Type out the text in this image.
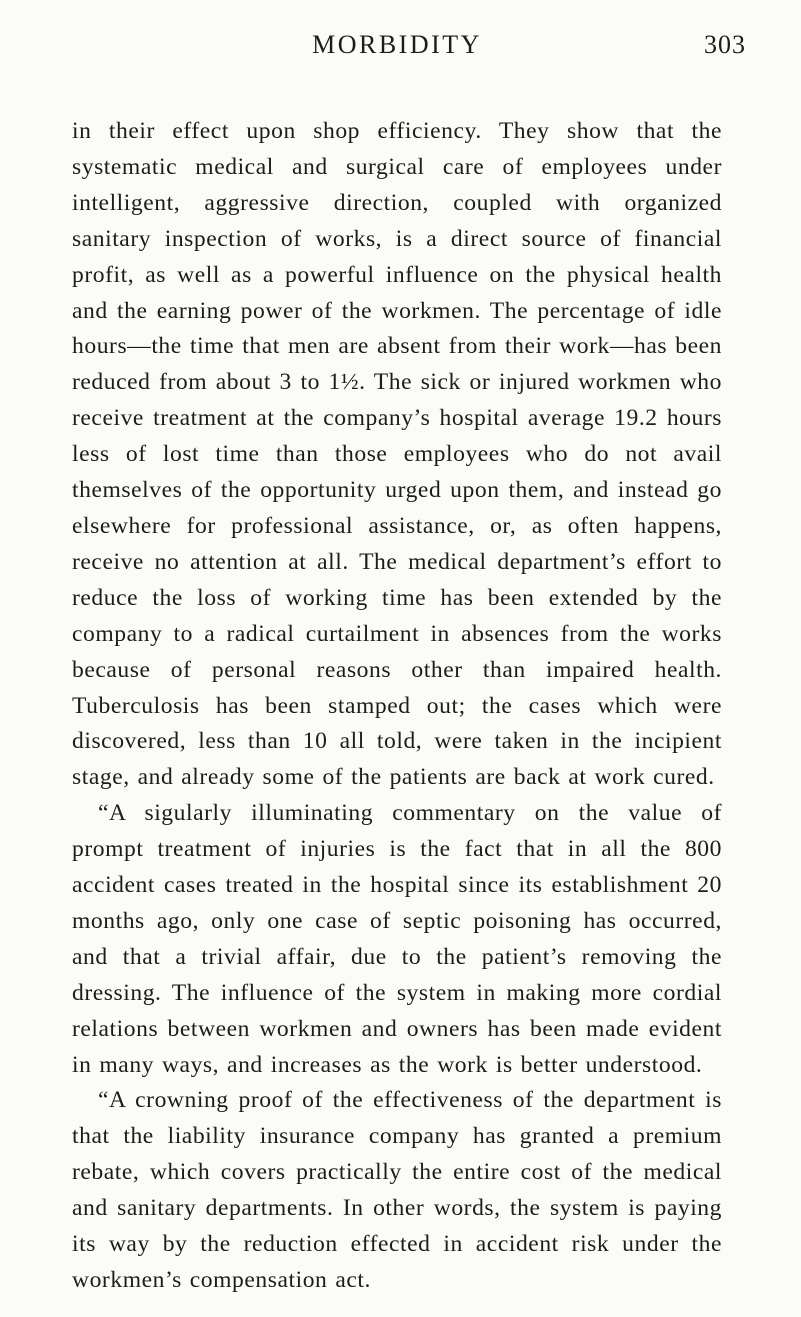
MORBIDITY	303

in their effect upon shop efficiency. They show that the systematic medical and surgical care of employees under intelligent, aggressive direction, coupled with organized sanitary inspection of works, is a direct source of financial profit, as well as a powerful influence on the physical health and the earning power of the workmen. The percentage of idle hours—the time that men are absent from their work—has been reduced from about 3 to 1½. The sick or injured workmen who receive treatment at the company’s hospital average 19.2 hours less of lost time than those employees who do not avail themselves of the opportunity urged upon them, and instead go elsewhere for professional assistance, or, as often happens, receive no attention at all. The medical department’s effort to reduce the loss of working time has been extended by the company to a radical curtailment in absences from the works because of personal reasons other than impaired health. Tuberculosis has been stamped out; the cases which were discovered, less than 10 all told, were taken in the incipient stage, and already some of the patients are back at work cured.

“A sigularly illuminating commentary on the value of prompt treatment of injuries is the fact that in all the 800 accident cases treated in the hospital since its establishment 20 months ago, only one case of septic poisoning has occurred, and that a trivial affair, due to the patient’s removing the dressing. The influence of the system in making more cordial relations between workmen and owners has been made evident in many ways, and increases as the work is better understood.

“A crowning proof of the effectiveness of the department is that the liability insurance company has granted a premium rebate, which covers practically the entire cost of the medical and sanitary departments. In other words, the system is paying its way by the reduction effected in accident risk under the workmen’s compensation act.
